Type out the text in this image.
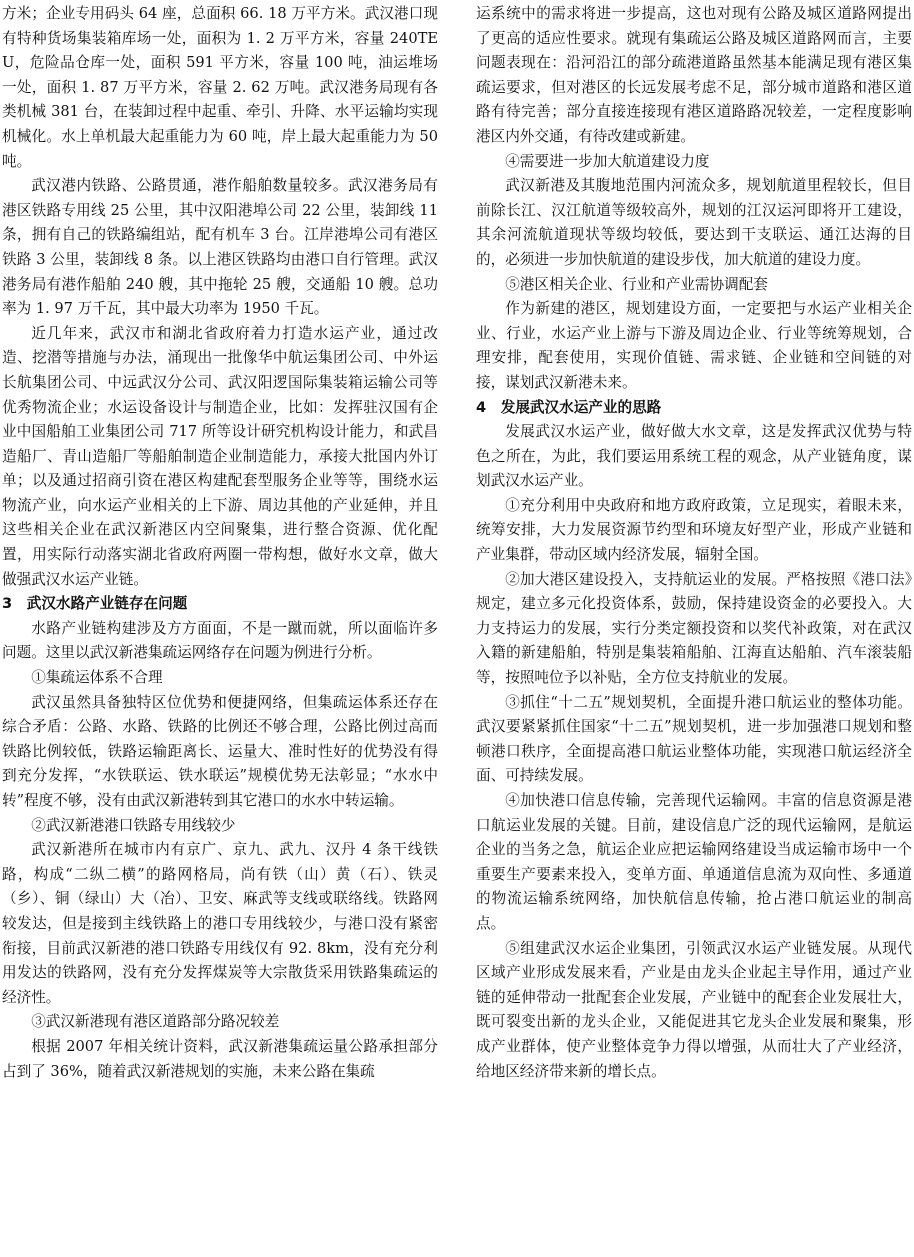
方米；企业专用码头 64 座，总面积 66. 18 万平方米。武汉港口现有特种货场集装箱库场一处，面积为 1. 2 万平方米，容量 240TEU，危险品仓库一处，面积 591 平方米，容量 100 吨，油运堆场一处，面积 1. 87 万平方米，容量 2. 62 万吨。武汉港务局现有各类机械 381 台，在装卸过程中起重、牵引、升降、水平运输均实现机械化。水上单机最大起重能力为 60 吨，岸上最大起重能力为 50 吨。

武汉港内铁路、公路贯通，港作船舶数量较多。武汉港务局有港区铁路专用线 25 公里，其中汉阳港埠公司 22 公里，装卸线 11 条，拥有自己的铁路编组站，配有机车 3 台。江岸港埠公司有港区铁路 3 公里，装卸线 8 条。以上港区铁路均由港口自行管理。武汉港务局有港作船舶 240 艘，其中拖轮 25 艘，交通船 10 艘。总功率为 1. 97 万千瓦，其中最大功率为 1950 千瓦。

近几年来，武汉市和湖北省政府着力打造水运产业，通过改造、挖潜等措施与办法，涌现出一批像华中航运集团公司、中外运长航集团公司、中远武汉分公司、武汉阳逻国际集装箱运输公司等优秀物流企业；水运设备设计与制造企业，比如：发挥驻汉国有企业中国船舶工业集团公司 717 所等设计研究机构设计能力，和武昌造船厂、青山造船厂等船舶制造企业制造能力，承接大批国内外订单；以及通过招商引资在港区构建配套型服务企业等等，围绕水运物流产业，向水运产业相关的上下游、周边其他的产业延伸，并且这些相关企业在武汉新港区内空间聚集，进行整合资源、优化配置，用实际行动落实湖北省政府两圈一带构想，做好水文章，做大做强武汉水运产业链。

3　武汉水路产业链存在问题

水路产业链构建涉及方方面面，不是一蹴而就，所以面临许多问题。这里以武汉新港集疏运网络存在问题为例进行分析。

①集疏运体系不合理

武汉虽然具备独特区位优势和便捷网络，但集疏运体系还存在综合矛盾：公路、水路、铁路的比例还不够合理，公路比例过高而铁路比例较低，铁路运输距离长、运量大、准时性好的优势没有得到充分发挥，“水铁联运、铁水联运”规模优势无法彰显；“水水中转”程度不够，没有由武汉新港转到其它港口的水水中转运输。

②武汉新港港口铁路专用线较少

武汉新港所在城市内有京广、京九、武九、汉丹 4 条干线铁路，构成“二纵二横”的路网格局，尚有铁（山）黄（石）、铁灵（乡）、铜（绿山）大（冶）、卫安、麻武等支线或联络线。铁路网较发达，但是接到主线铁路上的港口专用线较少，与港口没有紧密衔接，目前武汉新港的港口铁路专用线仅有 92. 8km，没有充分利用发达的铁路网，没有充分发挥煤炭等大宗散货采用铁路集疏运的经济性。

③武汉新港现有港区道路部分路况较差

根据 2007 年相关统计资料，武汉新港集疏运量公路承担部分占到了 36%，随着武汉新港规划的实施，未来公路在集疏

运系统中的需求将进一步提高，这也对现有公路及城区道路网提出了更高的适应性要求。就现有集疏运公路及城区道路网而言，主要问题表现在：沿河沿江的部分疏港道路虽然基本能满足现有港区集疏运要求，但对港区的长远发展考虑不足，部分城市道路和港区道路有待完善；部分直接连接现有港区道路路况较差，一定程度影响港区内外交通，有待改建或新建。

④需要进一步加大航道建设力度

武汉新港及其腹地范围内河流众多，规划航道里程较长，但目前除长江、汉江航道等级较高外，规划的江汉运河即将开工建设，其余河流航道现状等级均较低，要达到干支联运、通江达海的目的，必须进一步加快航道的建设步伐，加大航道的建设力度。

⑤港区相关企业、行业和产业需协调配套

作为新建的港区，规划建设方面，一定要把与水运产业相关企业、行业，水运产业上游与下游及周边企业、行业等统筹规划，合理安排，配套使用，实现价值链、需求链、企业链和空间链的对接，谋划武汉新港未来。

4　发展武汉水运产业的思路

发展武汉水运产业，做好做大水文章，这是发挥武汉优势与特色之所在，为此，我们要运用系统工程的观念，从产业链角度，谋划武汉水运产业。

①充分利用中央政府和地方政府政策，立足现实，着眼未来，统筹安排，大力发展资源节约型和环境友好型产业，形成产业链和产业集群，带动区域内经济发展，辐射全国。

②加大港区建设投入，支持航运业的发展。严格按照《港口法》规定，建立多元化投资体系，鼓励，保持建设资金的必要投入。大力支持运力的发展，实行分类定额投资和以奖代补政策，对在武汉入籍的新建船舶，特别是集装箱船舶、江海直达船舶、汽车滚装船等，按照吨位予以补贴，全方位支持航业的发展。

③抓住“十二五”规划契机，全面提升港口航运业的整体功能。武汉要紧紧抓住国家“十二五”规划契机，进一步加强港口规划和整顿港口秩序，全面提高港口航运业整体功能，实现港口航运经济全面、可持续发展。

④加快港口信息传输，完善现代运输网。丰富的信息资源是港口航运业发展的关键。目前，建设信息广泛的现代运输网，是航运企业的当务之急，航运企业应把运输网络建设当成运输市场中一个重要生产要素来投入，变单方面、单通道信息流为双向性、多通道的物流运输系统网络，加快航信息传输，抢占港口航运业的制高点。

⑤组建武汉水运企业集团，引领武汉水运产业链发展。从现代区域产业形成发展来看，产业是由龙头企业起主导作用，通过产业链的延伸带动一批配套企业发展，产业链中的配套企业发展壮大，既可裂变出新的龙头企业，又能促进其它龙头企业发展和聚集，形成产业群体，使产业整体竞争力得以增强，从而壮大了产业经济，给地区经济带来新的增长点。
